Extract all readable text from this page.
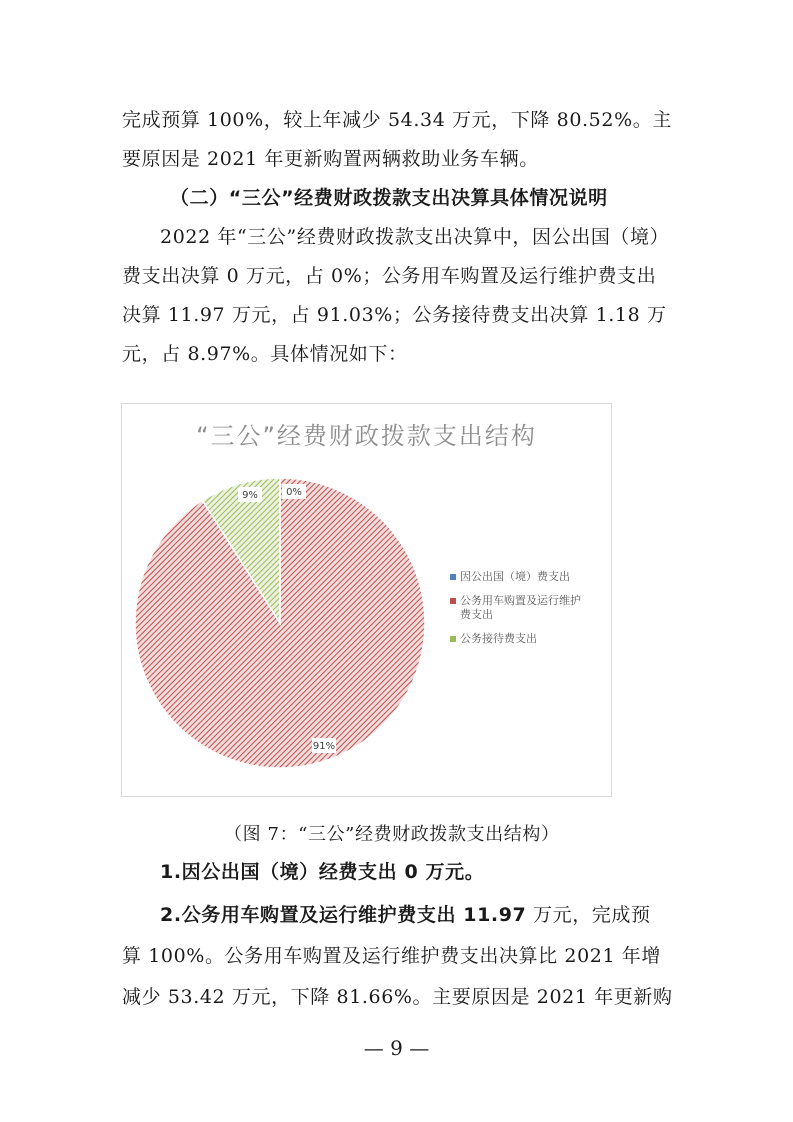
完成预算 100%，较上年减少 54.34 万元，下降 80.52%。主
要原因是 2021 年更新购置两辆救助业务车辆。
（二）“三公”经费财政拨款支出决算具体情况说明
2022 年“三公”经费财政拨款支出决算中，因公出国（境）
费支出决算 0 万元，占 0%；公务用车购置及运行维护费支出
决算 11.97 万元，占 91.03%；公务接待费支出决算 1.18 万
元，占 8.97%。具体情况如下：
“三公”经费财政拨款支出结构
0%
91%
9%
因公出国（境）费支出
公务用车购置及运行维护费支出
公务接待费支出
（图 7：“三公”经费财政拨款支出结构）
1.因公出国（境）经费支出 0 万元。
2.公务用车购置及运行维护费支出 11.97 万元，完成预
算 100%。公务用车购置及运行维护费支出决算比 2021 年增
减少 53.42 万元，下降 81.66%。主要原因是 2021 年更新购
— 9 —
